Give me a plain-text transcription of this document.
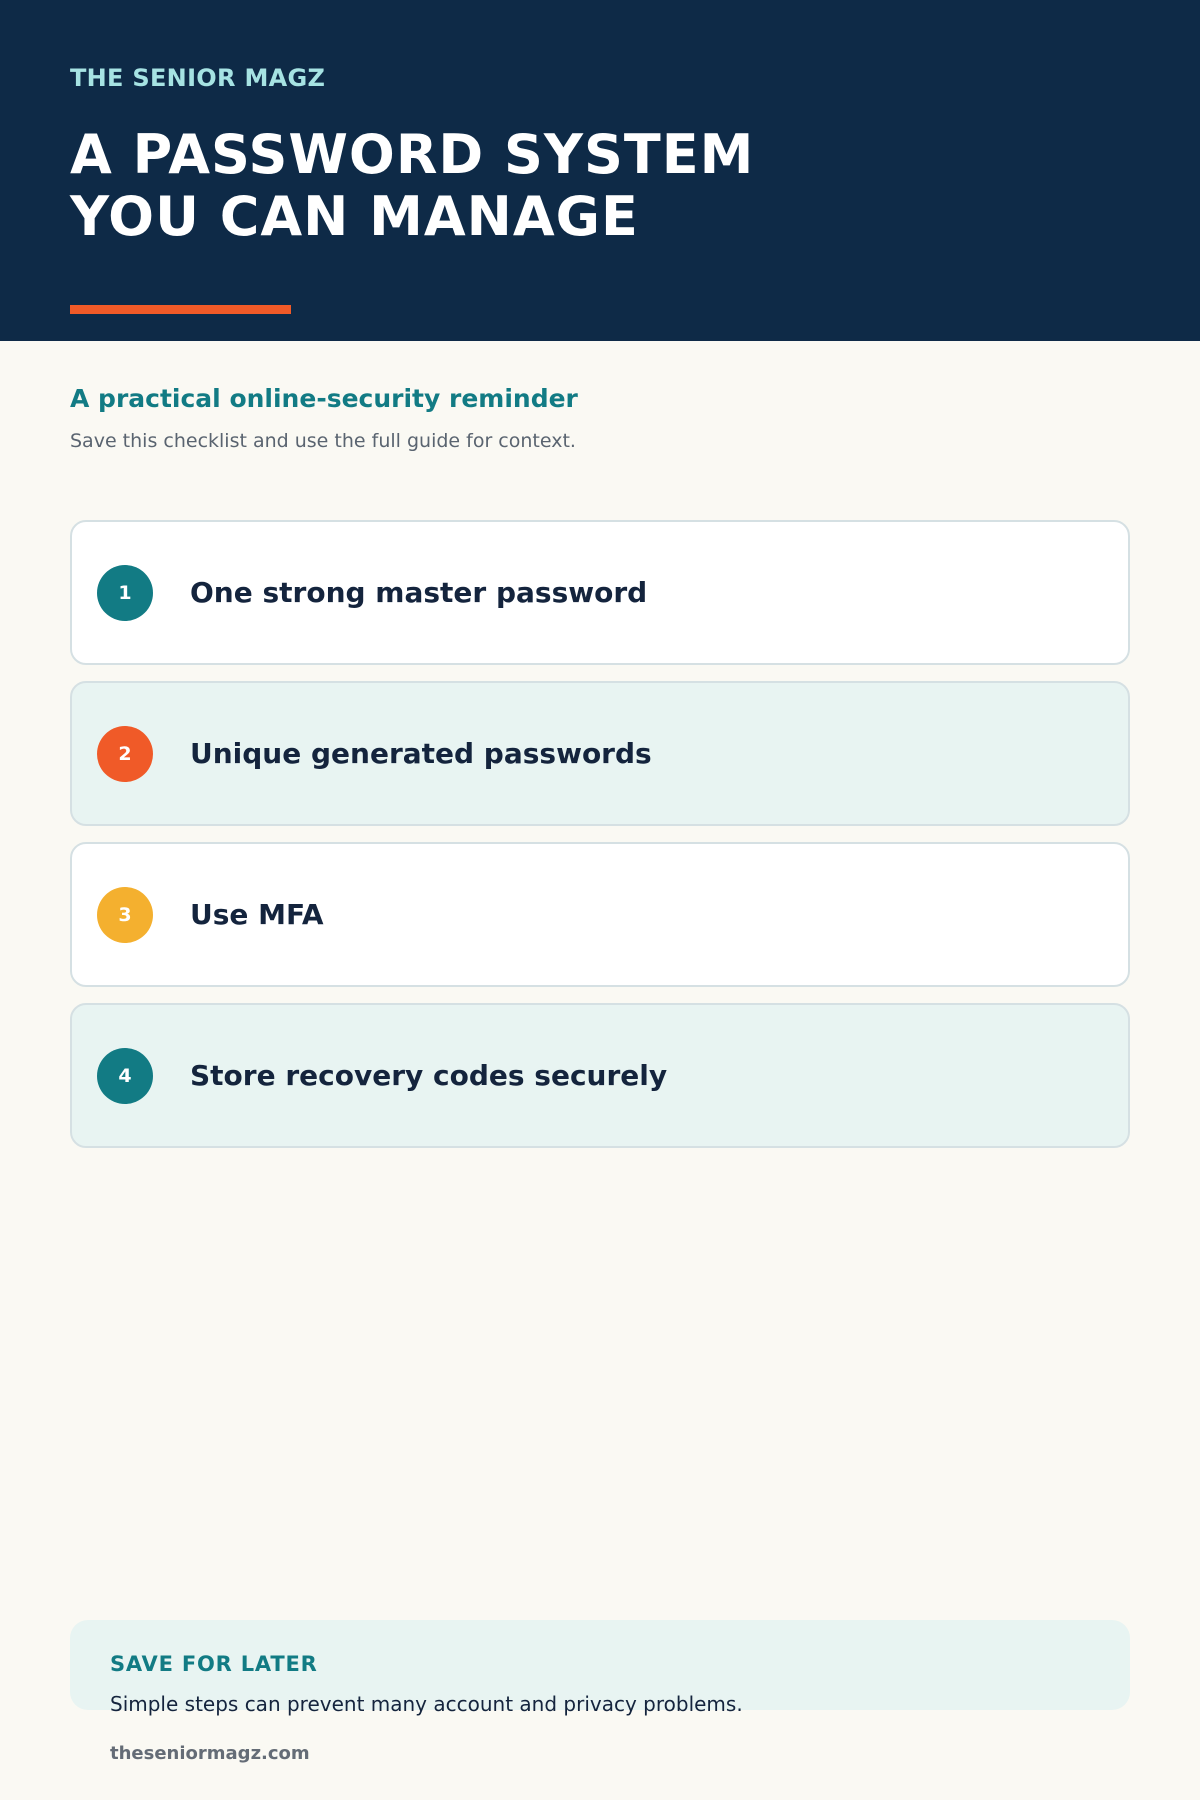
THE SENIOR MAGZ
A PASSWORD SYSTEM
YOU CAN MANAGE
A practical online-security reminder
Save this checklist and use the full guide for context.
1	One strong master password
2	Unique generated passwords
3	Use MFA
4	Store recovery codes securely
SAVE FOR LATER
Simple steps can prevent many account and privacy problems.
theseniormagz.com
